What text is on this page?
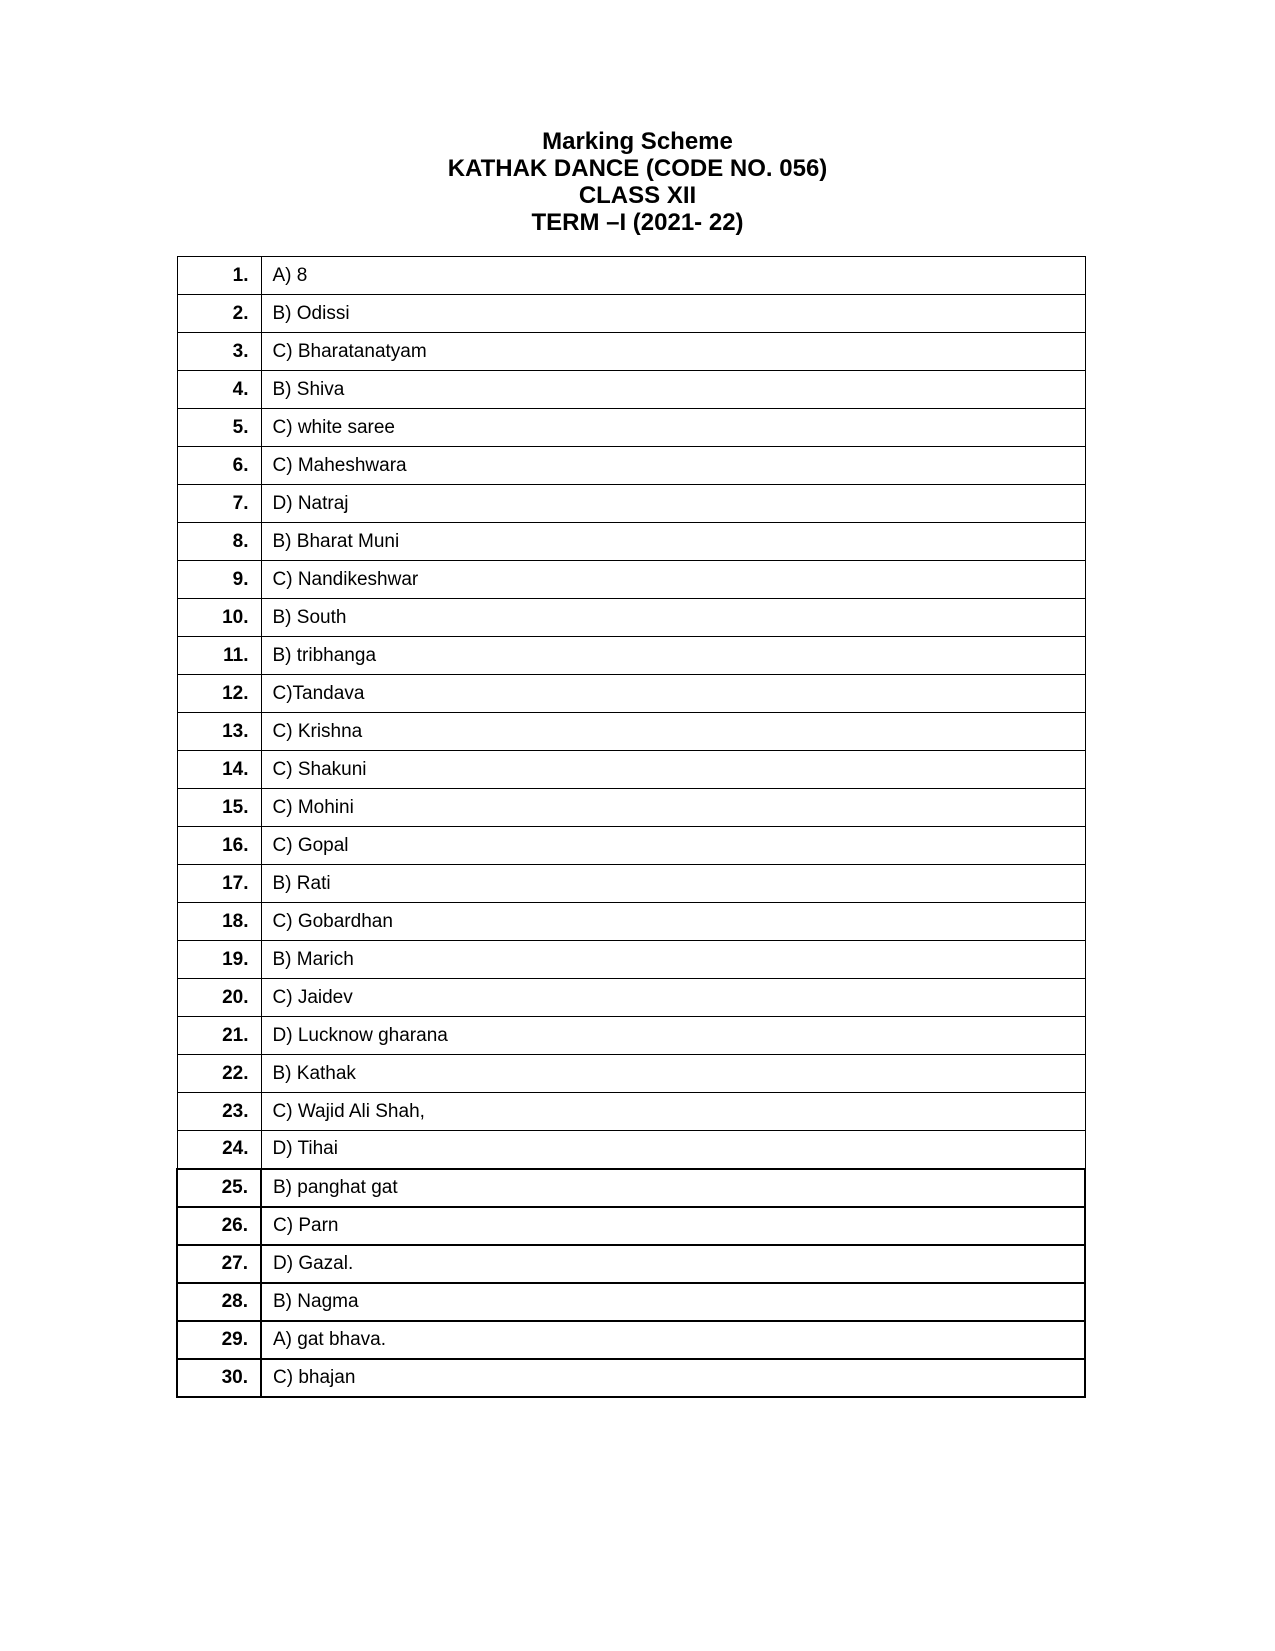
Marking Scheme
KATHAK DANCE (CODE NO. 056)
CLASS XII
TERM –I (2021- 22)
1.	A) 8
2.	B) Odissi
3.	C) Bharatanatyam
4.	B) Shiva
5.	C) white saree
6.	C) Maheshwara
7.	D) Natraj
8.	B) Bharat Muni
9.	C) Nandikeshwar
10.	B) South
11.	B) tribhanga
12.	C)Tandava
13.	C) Krishna
14.	C) Shakuni
15.	C) Mohini
16.	C) Gopal
17.	B) Rati
18.	C) Gobardhan
19.	B) Marich
20.	C) Jaidev
21.	D) Lucknow gharana
22.	B) Kathak
23.	C) Wajid Ali Shah,
24.	D) Tihai
25.	B) panghat gat
26.	C) Parn
27.	D) Gazal.
28.	B) Nagma
29.	A) gat bhava.
30.	C) bhajan
